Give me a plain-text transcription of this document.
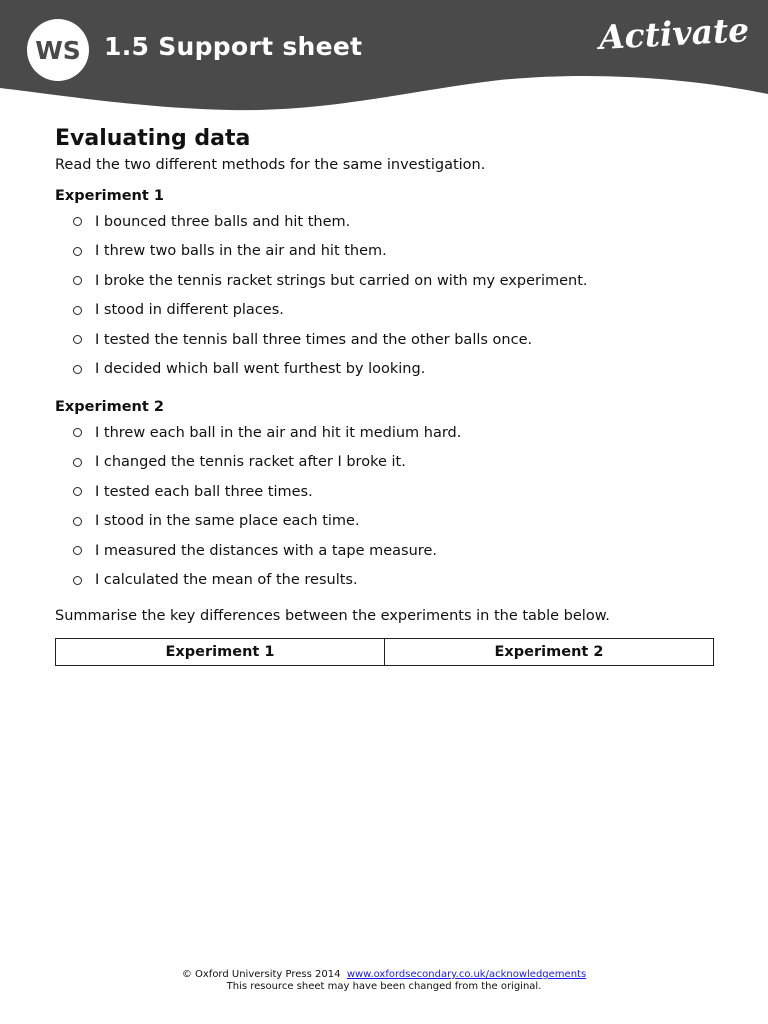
WS 1.5 Support sheet	Activate
Evaluating data

Read the two different methods for the same investigation.

Experiment 1

I bounced three balls and hit them.
I threw two balls in the air and hit them.
I broke the tennis racket strings but carried on with my experiment.
I stood in different places.
I tested the tennis ball three times and the other balls once.
I decided which ball went furthest by looking.

Experiment 2

I threw each ball in the air and hit it medium hard.
I changed the tennis racket after I broke it.
I tested each ball three times.
I stood in the same place each time.
I measured the distances with a tape measure.
I calculated the mean of the results.

Summarise the key differences between the experiments in the table below.

Experiment 1	Experiment 2
© Oxford University Press 2014 www.oxfordsecondary.co.uk/acknowledgements
This resource sheet may have been changed from the original.
